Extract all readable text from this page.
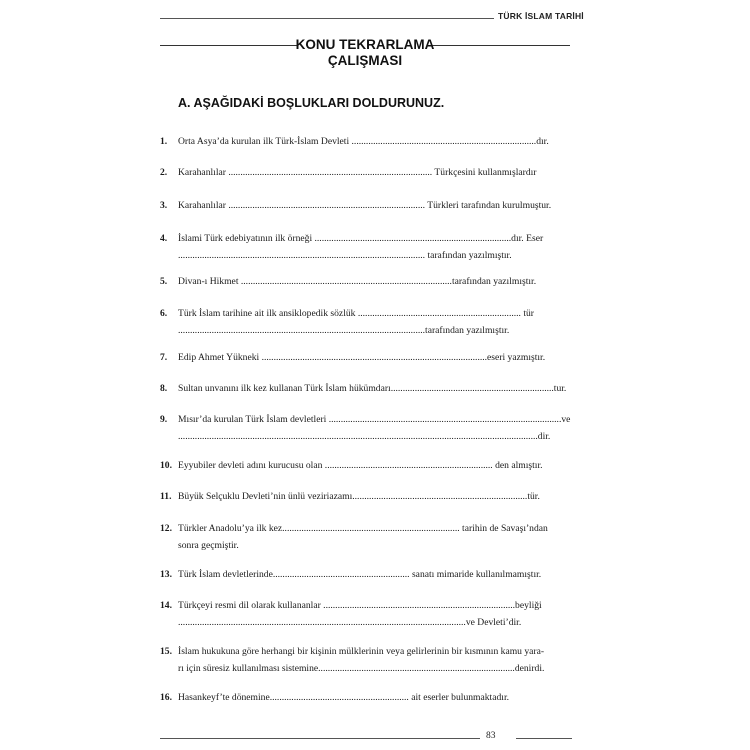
TÜRK İSLAM TARİHİ
KONU TEKRARLAMA
ÇALIŞMASI
A. AŞAĞIDAKİ BOŞLUKLARI DOLDURUNUZ.
1. Orta Asya’da kurulan ilk Türk-İslam Devleti .............................................................................dır.
2. Karahanlılar ..................................................................................... Türkçesini kullanmışlardır
3. Karahanlılar .................................................................................. Türkleri tarafından kurulmuştur.
4. İslami Türk edebiyatının ilk örneği ..................................................................................dır. Eser
....................................................................................................... tarafından yazılmıştır.
5. Divan-ı Hikmet ........................................................................................tarafından yazılmıştır.
6. Türk İslam tarihine ait ilk ansiklopedik sözlük .................................................................... tür
.......................................................................................................tarafından yazılmıştır.
7. Edip Ahmet Yükneki ..............................................................................................eseri yazmıştır.
8. Sultan unvanını ilk kez kullanan Türk İslam hükümdarı....................................................................tur.
9. Mısır’da kurulan Türk İslam devletleri .................................................................................................ve
......................................................................................................................................................dir.
10. Eyyubiler devleti adını kurucusu olan ...................................................................... den almıştır.
11. Büyük Selçuklu Devleti’nin ünlü veziriazamı.........................................................................tür.
12. Türkler Anadolu’ya ilk kez.......................................................................... tarihin de Savaşı’ndan
sonra geçmiştir.
13. Türk İslam devletlerinde......................................................... sanatı mimaride kullanılmamıştır.
14. Türkçeyi resmi dil olarak kullananlar ................................................................................beyliği
........................................................................................................................ve Devleti’dir.
15. İslam hukukuna göre herhangi bir kişinin mülklerinin veya gelirlerinin bir kısmının kamu yara-
rı için süresiz kullanılması sistemine..................................................................................denirdi.
16. Hasankeyf’te dönemine.......................................................... ait eserler bulunmaktadır.
83
